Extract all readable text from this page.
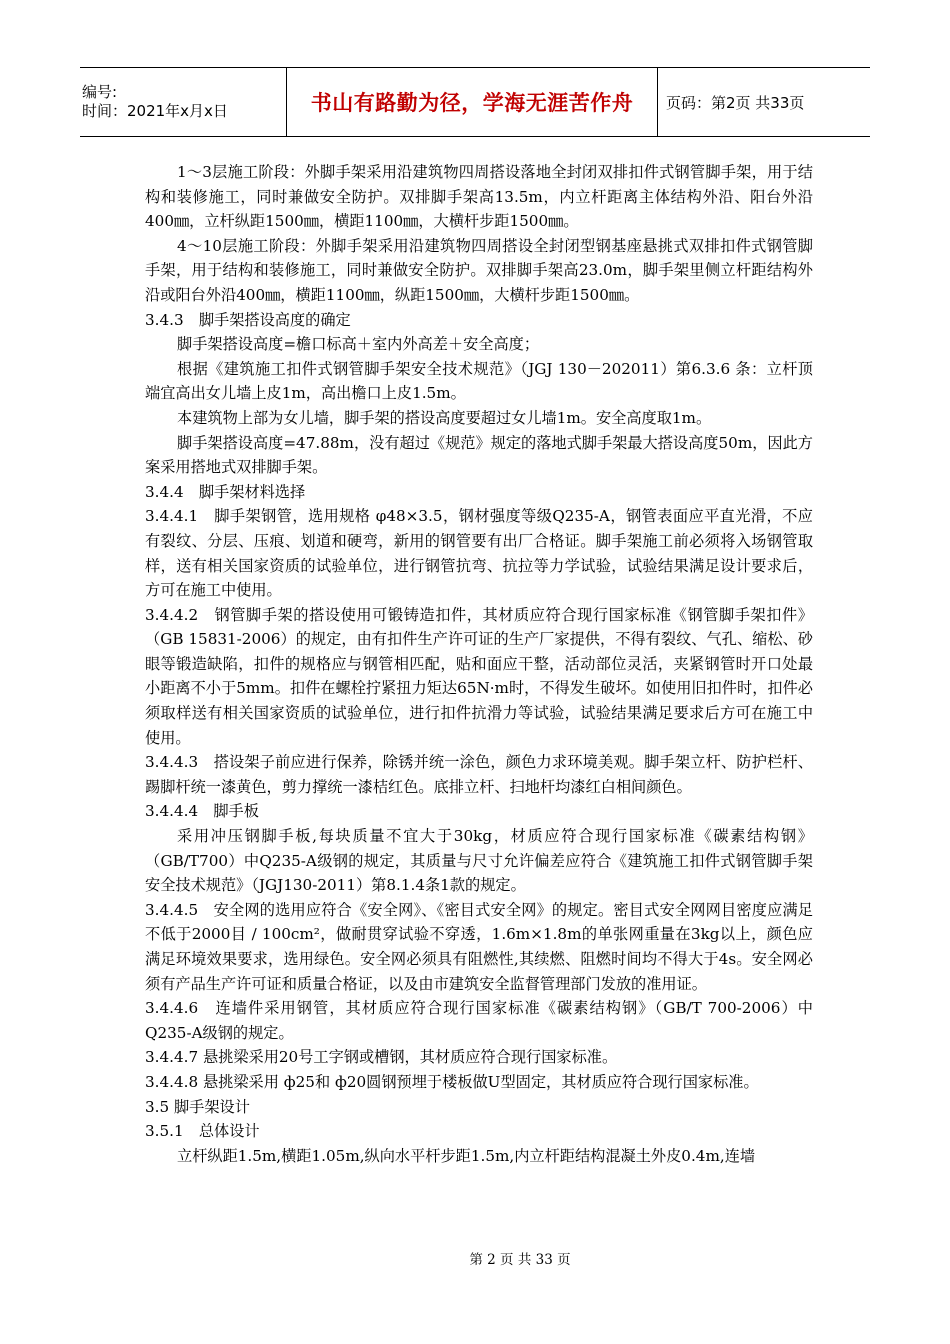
编号:
时间：2021年x月x日	书山有路勤为径，学海无涯苦作舟 页码：第2页 共33页

1～3层施工阶段：外脚手架采用沿建筑物四周搭设落地全封闭双排扣件式钢管脚手架，用于结构和装修施工，同时兼做安全防护。双排脚手架高13.5m，内立杆距离主体结构外沿、阳台外沿400㎜，立杆纵距1500㎜，横距1100㎜，大横杆步距1500㎜。

4～10层施工阶段：外脚手架采用沿建筑物四周搭设全封闭型钢基座悬挑式双排扣件式钢管脚手架，用于结构和装修施工，同时兼做安全防护。双排脚手架高23.0m，脚手架里侧立杆距结构外沿或阳台外沿400㎜，横距1100㎜，纵距1500㎜，大横杆步距1500㎜。

3.4.3　脚手架搭设高度的确定

脚手架搭设高度=檐口标高＋室内外高差＋安全高度；

根据《建筑施工扣件式钢管脚手架安全技术规范》（JGJ 130－202011）第6.3.6 条：立杆顶端宜高出女儿墙上皮1m，高出檐口上皮1.5m。

本建筑物上部为女儿墙，脚手架的搭设高度要超过女儿墙1m。安全高度取1m。

脚手架搭设高度=47.88m，没有超过《规范》规定的落地式脚手架最大搭设高度50m，因此方案采用搭地式双排脚手架。

3.4.4　脚手架材料选择

3.4.4.1　脚手架钢管，选用规格 φ48×3.5，钢材强度等级Q235-A，钢管表面应平直光滑，不应有裂纹、分层、压痕、划道和硬弯，新用的钢管要有出厂合格证。脚手架施工前必须将入场钢管取样，送有相关国家资质的试验单位，进行钢管抗弯、抗拉等力学试验，试验结果满足设计要求后，方可在施工中使用。

3.4.4.2　钢管脚手架的搭设使用可锻铸造扣件，其材质应符合现行国家标准《钢管脚手架扣件》（GB 15831-2006）的规定，由有扣件生产许可证的生产厂家提供，不得有裂纹、气孔、缩松、砂眼等锻造缺陷，扣件的规格应与钢管相匹配，贴和面应干整，活动部位灵活，夹紧钢管时开口处最小距离不小于5mm。扣件在螺栓拧紧扭力矩达65N·m时，不得发生破坏。如使用旧扣件时，扣件必须取样送有相关国家资质的试验单位，进行扣件抗滑力等试验，试验结果满足要求后方可在施工中使用。

3.4.4.3　搭设架子前应进行保养，除锈并统一涂色，颜色力求环境美观。脚手架立杆、防护栏杆、踢脚杆统一漆黄色，剪力撑统一漆桔红色。底排立杆、扫地杆均漆红白相间颜色。

3.4.4.4　脚手板

采用冲压钢脚手板,每块质量不宜大于30kg，材质应符合现行国家标准《碳素结构钢》（GB/T700）中Q235-A级钢的规定，其质量与尺寸允许偏差应符合《建筑施工扣件式钢管脚手架安全技术规范》（JGJ130-2011）第8.1.4条1款的规定。

3.4.4.5　安全网的选用应符合《安全网》、《密目式安全网》的规定。密目式安全网网目密度应满足不低于2000目 / 100cm²，做耐贯穿试验不穿透，1.6m×1.8m的单张网重量在3kg以上，颜色应满足环境效果要求，选用绿色。安全网必须具有阻燃性,其续燃、阻燃时间均不得大于4s。安全网必须有产品生产许可证和质量合格证，以及由市建筑安全监督管理部门发放的准用证。

3.4.4.6　连墙件采用钢管，其材质应符合现行国家标准《碳素结构钢》（GB/T 700-2006）中Q235-A级钢的规定。

3.4.4.7 悬挑梁采用20号工字钢或槽钢，其材质应符合现行国家标准。

3.4.4.8 悬挑梁采用 ф25和 ф20圆钢预埋于楼板做U型固定，其材质应符合现行国家标准。

3.5 脚手架设计

3.5.1　总体设计

立杆纵距1.5m,横距1.05m,纵向水平杆步距1.5m,内立杆距结构混凝土外皮0.4m,连墙

第 2 页 共 33 页
